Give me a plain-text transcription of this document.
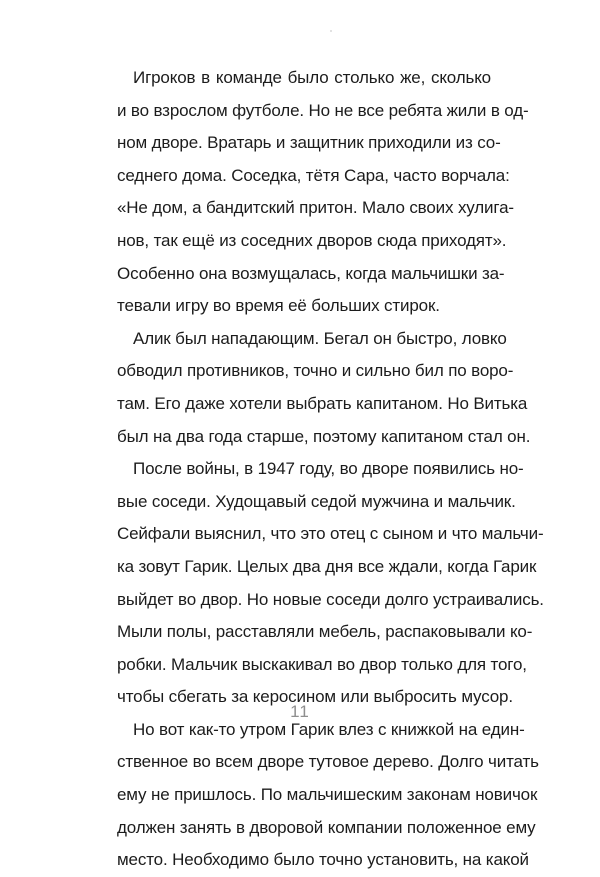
Игроков в команде было столько же, сколько
и во взрослом футболе. Но не все ребята жили в од-
ном дворе. Вратарь и защитник приходили из со-
седнего дома. Соседка, тётя Сара, часто ворчала:
«Не дом, а бандитский притон. Мало своих хулига-
нов, так ещё из соседних дворов сюда приходят».
Особенно она возмущалась, когда мальчишки за-
тевали игру во время её больших стирок.
Алик был нападающим. Бегал он быстро, ловко
обводил противников, точно и сильно бил по воро-
там. Его даже хотели выбрать капитаном. Но Витька
был на два года старше, поэтому капитаном стал он.
После войны, в 1947 году, во дворе появились но-
вые соседи. Худощавый седой мужчина и мальчик.
Сейфали выяснил, что это отец с сыном и что мальчи-
ка зовут Гарик. Целых два дня все ждали, когда Гарик
выйдет во двор. Но новые соседи долго устраивались.
Мыли полы, расставляли мебель, распаковывали ко-
робки. Мальчик выскакивал во двор только для того,
чтобы сбегать за керосином или выбросить мусор.
Но вот как-то утром Гарик влез с книжкой на един-
ственное во всем дворе тутовое дерево. Долго читать
ему не пришлось. По мальчишеским законам новичок
должен занять в дворовой компании положенное ему
место. Необходимо было точно установить, на какой
11
